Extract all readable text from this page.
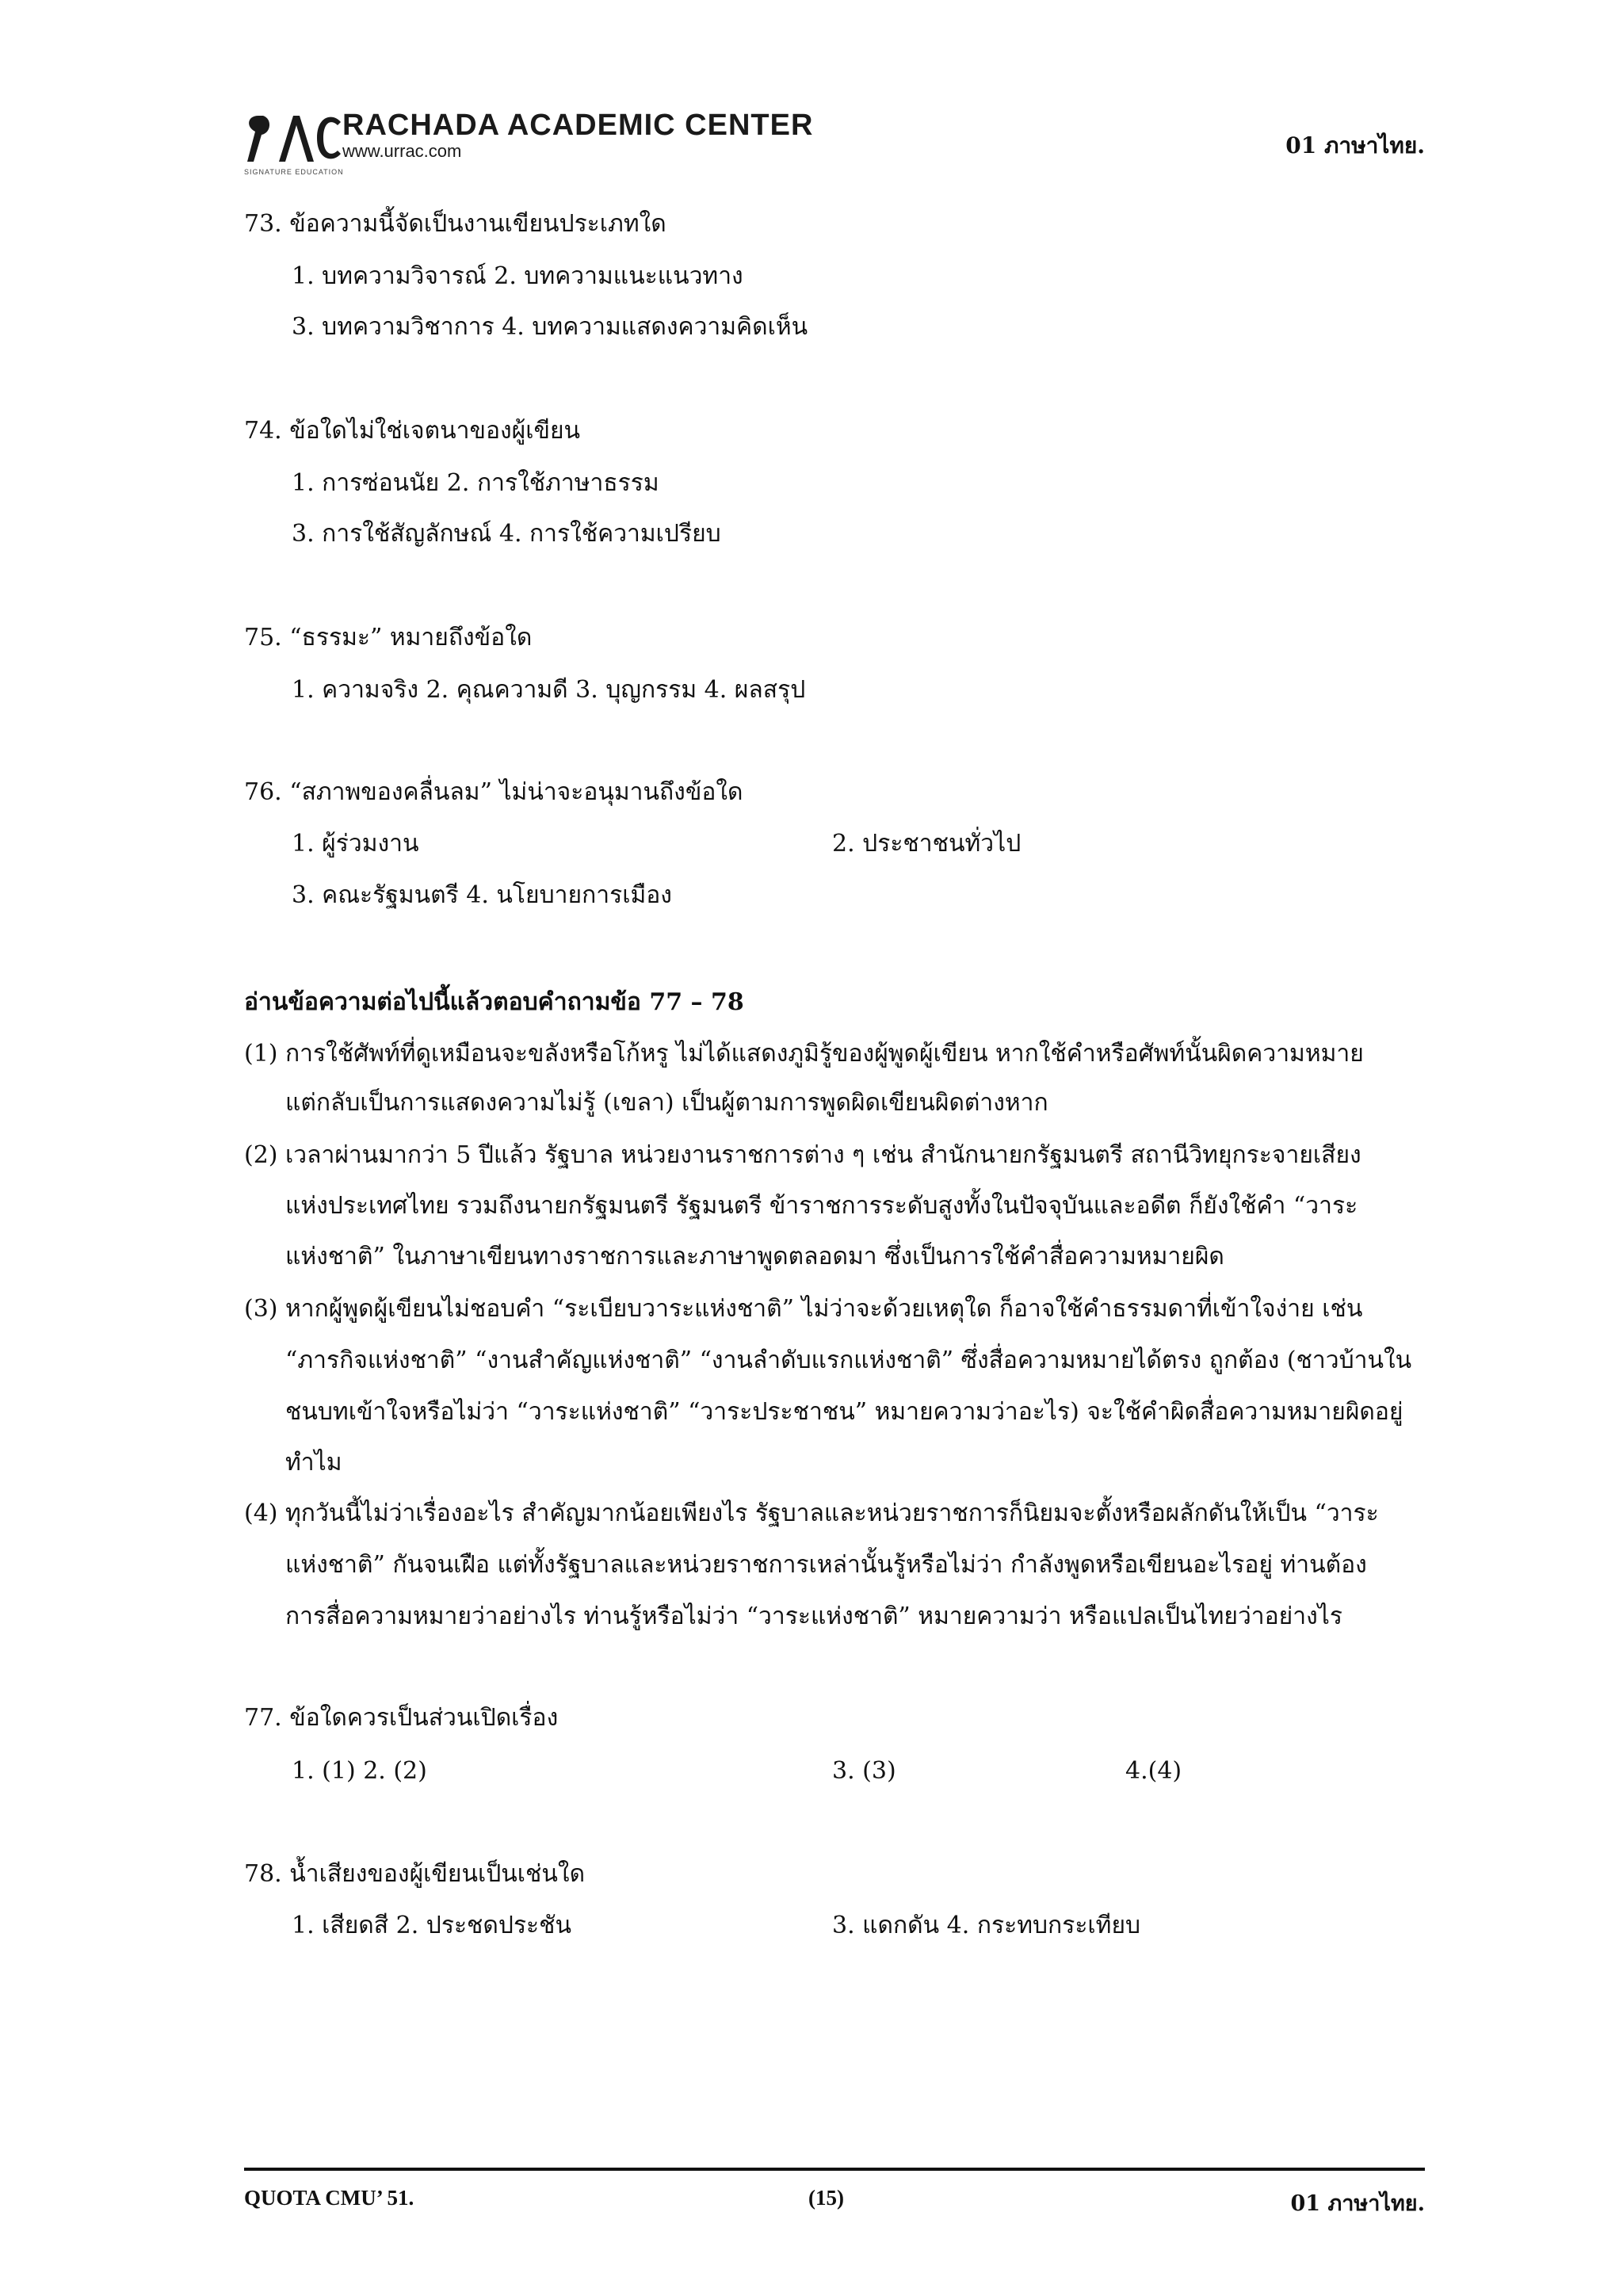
RACHADA ACADEMIC CENTER
www.urrac.com
SIGNATURE EDUCATION
01 ภาษาไทย.
73. ข้อความนี้จัดเป็นงานเขียนประเภทใด
1. บทความวิจารณ์ 2. บทความแนะแนวทาง
3. บทความวิชาการ 4. บทความแสดงความคิดเห็น
74. ข้อใดไม่ใช่เจตนาของผู้เขียน
1. การซ่อนนัย 2. การใช้ภาษาธรรม
3. การใช้สัญลักษณ์ 4. การใช้ความเปรียบ
75. “ธรรมะ” หมายถึงข้อใด
1. ความจริง 2. คุณความดี 3. บุญกรรม 4. ผลสรุป
76. “สภาพของคลื่นลม” ไม่น่าจะอนุมานถึงข้อใด
1. ผู้ร่วมงาน	2. ประชาชนทั่วไป
3. คณะรัฐมนตรี 4. นโยบายการเมือง
อ่านข้อความต่อไปนี้แล้วตอบคำถามข้อ 77 – 78
(1) การใช้ศัพท์ที่ดูเหมือนจะขลังหรือโก้หรู ไม่ได้แสดงภูมิรู้ของผู้พูดผู้เขียน หากใช้คำหรือศัพท์นั้นผิดความหมาย
แต่กลับเป็นการแสดงความไม่รู้ (เขลา) เป็นผู้ตามการพูดผิดเขียนผิดต่างหาก
(2) เวลาผ่านมากว่า 5 ปีแล้ว รัฐบาล หน่วยงานราชการต่าง ๆ เช่น สำนักนายกรัฐมนตรี สถานีวิทยุกระจายเสียง
แห่งประเทศไทย รวมถึงนายกรัฐมนตรี รัฐมนตรี ข้าราชการระดับสูงทั้งในปัจจุบันและอดีต ก็ยังใช้คำ “วาระ
แห่งชาติ” ในภาษาเขียนทางราชการและภาษาพูดตลอดมา ซึ่งเป็นการใช้คำสื่อความหมายผิด
(3) หากผู้พูดผู้เขียนไม่ชอบคำ “ระเบียบวาระแห่งชาติ” ไม่ว่าจะด้วยเหตุใด ก็อาจใช้คำธรรมดาที่เข้าใจง่าย เช่น
“ภารกิจแห่งชาติ” “งานสำคัญแห่งชาติ” “งานลำดับแรกแห่งชาติ” ซึ่งสื่อความหมายได้ตรง ถูกต้อง (ชาวบ้านใน
ชนบทเข้าใจหรือไม่ว่า “วาระแห่งชาติ” “วาระประชาชน” หมายความว่าอะไร) จะใช้คำผิดสื่อความหมายผิดอยู่
ทำไม
(4) ทุกวันนี้ไม่ว่าเรื่องอะไร สำคัญมากน้อยเพียงไร รัฐบาลและหน่วยราชการก็นิยมจะตั้งหรือผลักดันให้เป็น “วาระ
แห่งชาติ” กันจนเฝือ แต่ทั้งรัฐบาลและหน่วยราชการเหล่านั้นรู้หรือไม่ว่า กำลังพูดหรือเขียนอะไรอยู่ ท่านต้อง
การสื่อความหมายว่าอย่างไร ท่านรู้หรือไม่ว่า “วาระแห่งชาติ” หมายความว่า หรือแปลเป็นไทยว่าอย่างไร
77. ข้อใดควรเป็นส่วนเปิดเรื่อง
1. (1) 2. (2)	3. (3)	4.(4)
78. น้ำเสียงของผู้เขียนเป็นเช่นใด
1. เสียดสี 2. ประชดประชัน	3. แดกดัน 4. กระทบกระเทียบ
QUOTA CMU’ 51.	(15)	01 ภาษาไทย.
